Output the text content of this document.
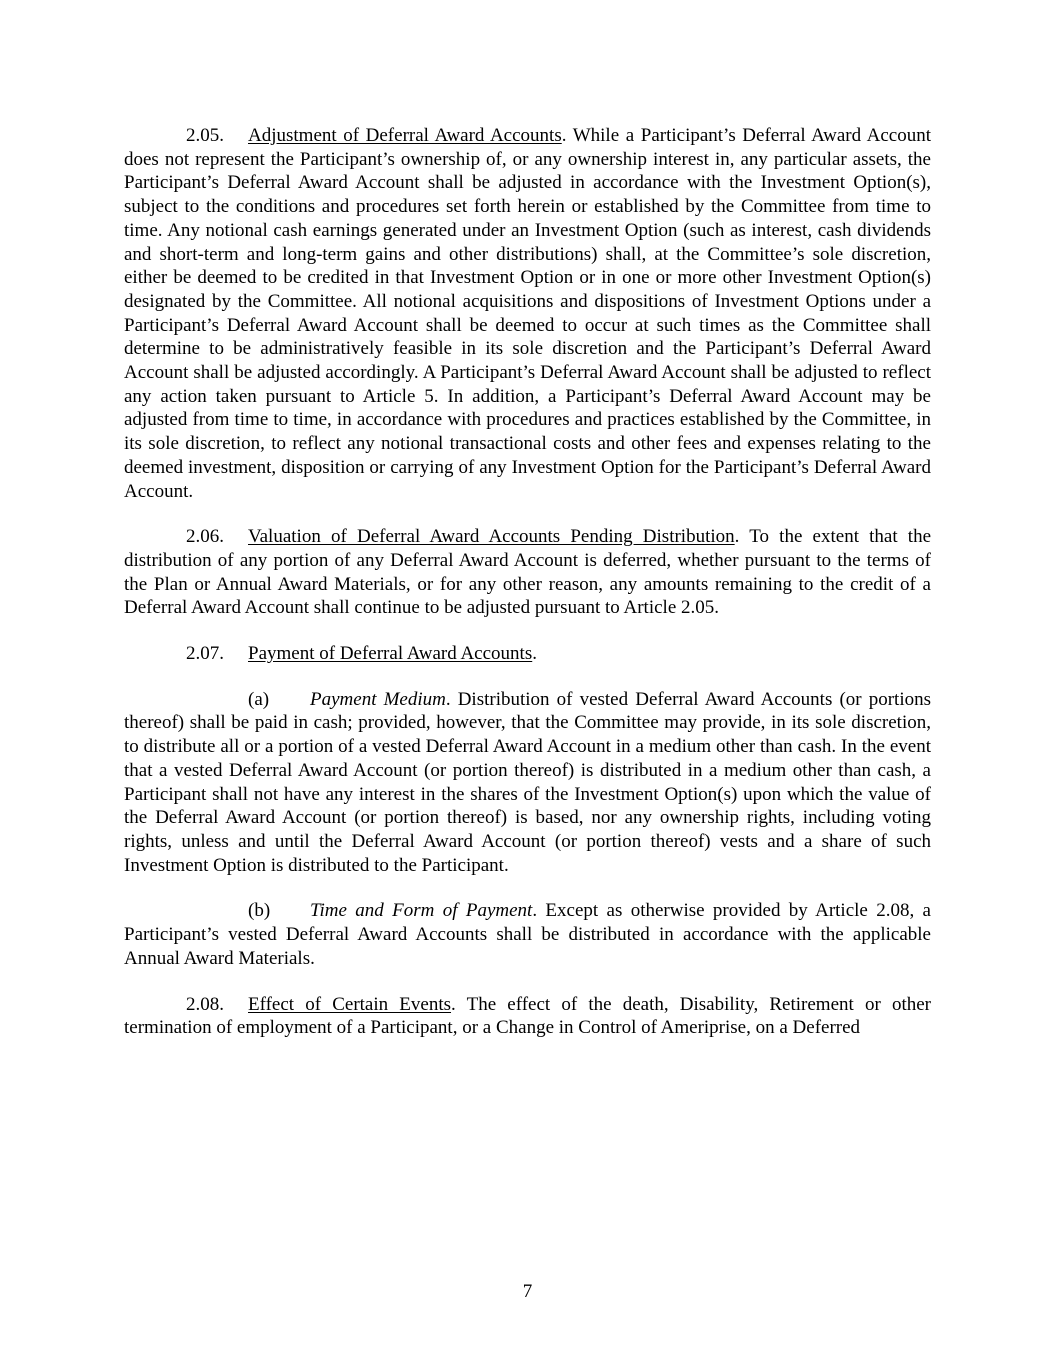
2.05. Adjustment of Deferral Award Accounts. While a Participant’s Deferral Award Account does not represent the Participant’s ownership of, or any ownership interest in, any particular assets, the Participant’s Deferral Award Account shall be adjusted in accordance with the Investment Option(s), subject to the conditions and procedures set forth herein or established by the Committee from time to time. Any notional cash earnings generated under an Investment Option (such as interest, cash dividends and short-term and long-term gains and other distributions) shall, at the Committee’s sole discretion, either be deemed to be credited in that Investment Option or in one or more other Investment Option(s) designated by the Committee. All notional acquisitions and dispositions of Investment Options under a Participant’s Deferral Award Account shall be deemed to occur at such times as the Committee shall determine to be administratively feasible in its sole discretion and the Participant’s Deferral Award Account shall be adjusted accordingly. A Participant’s Deferral Award Account shall be adjusted to reflect any action taken pursuant to Article 5. In addition, a Participant’s Deferral Award Account may be adjusted from time to time, in accordance with procedures and practices established by the Committee, in its sole discretion, to reflect any notional transactional costs and other fees and expenses relating to the deemed investment, disposition or carrying of any Investment Option for the Participant’s Deferral Award Account.

2.06. Valuation of Deferral Award Accounts Pending Distribution. To the extent that the distribution of any portion of any Deferral Award Account is deferred, whether pursuant to the terms of the Plan or Annual Award Materials, or for any other reason, any amounts remaining to the credit of a Deferral Award Account shall continue to be adjusted pursuant to Article 2.05.

2.07. Payment of Deferral Award Accounts.

(a) Payment Medium. Distribution of vested Deferral Award Accounts (or portions thereof) shall be paid in cash; provided, however, that the Committee may provide, in its sole discretion, to distribute all or a portion of a vested Deferral Award Account in a medium other than cash. In the event that a vested Deferral Award Account (or portion thereof) is distributed in a medium other than cash, a Participant shall not have any interest in the shares of the Investment Option(s) upon which the value of the Deferral Award Account (or portion thereof) is based, nor any ownership rights, including voting rights, unless and until the Deferral Award Account (or portion thereof) vests and a share of such Investment Option is distributed to the Participant.

(b) Time and Form of Payment. Except as otherwise provided by Article 2.08, a Participant’s vested Deferral Award Accounts shall be distributed in accordance with the applicable Annual Award Materials.

2.08. Effect of Certain Events. The effect of the death, Disability, Retirement or other termination of employment of a Participant, or a Change in Control of Ameriprise, on a Deferred

7
